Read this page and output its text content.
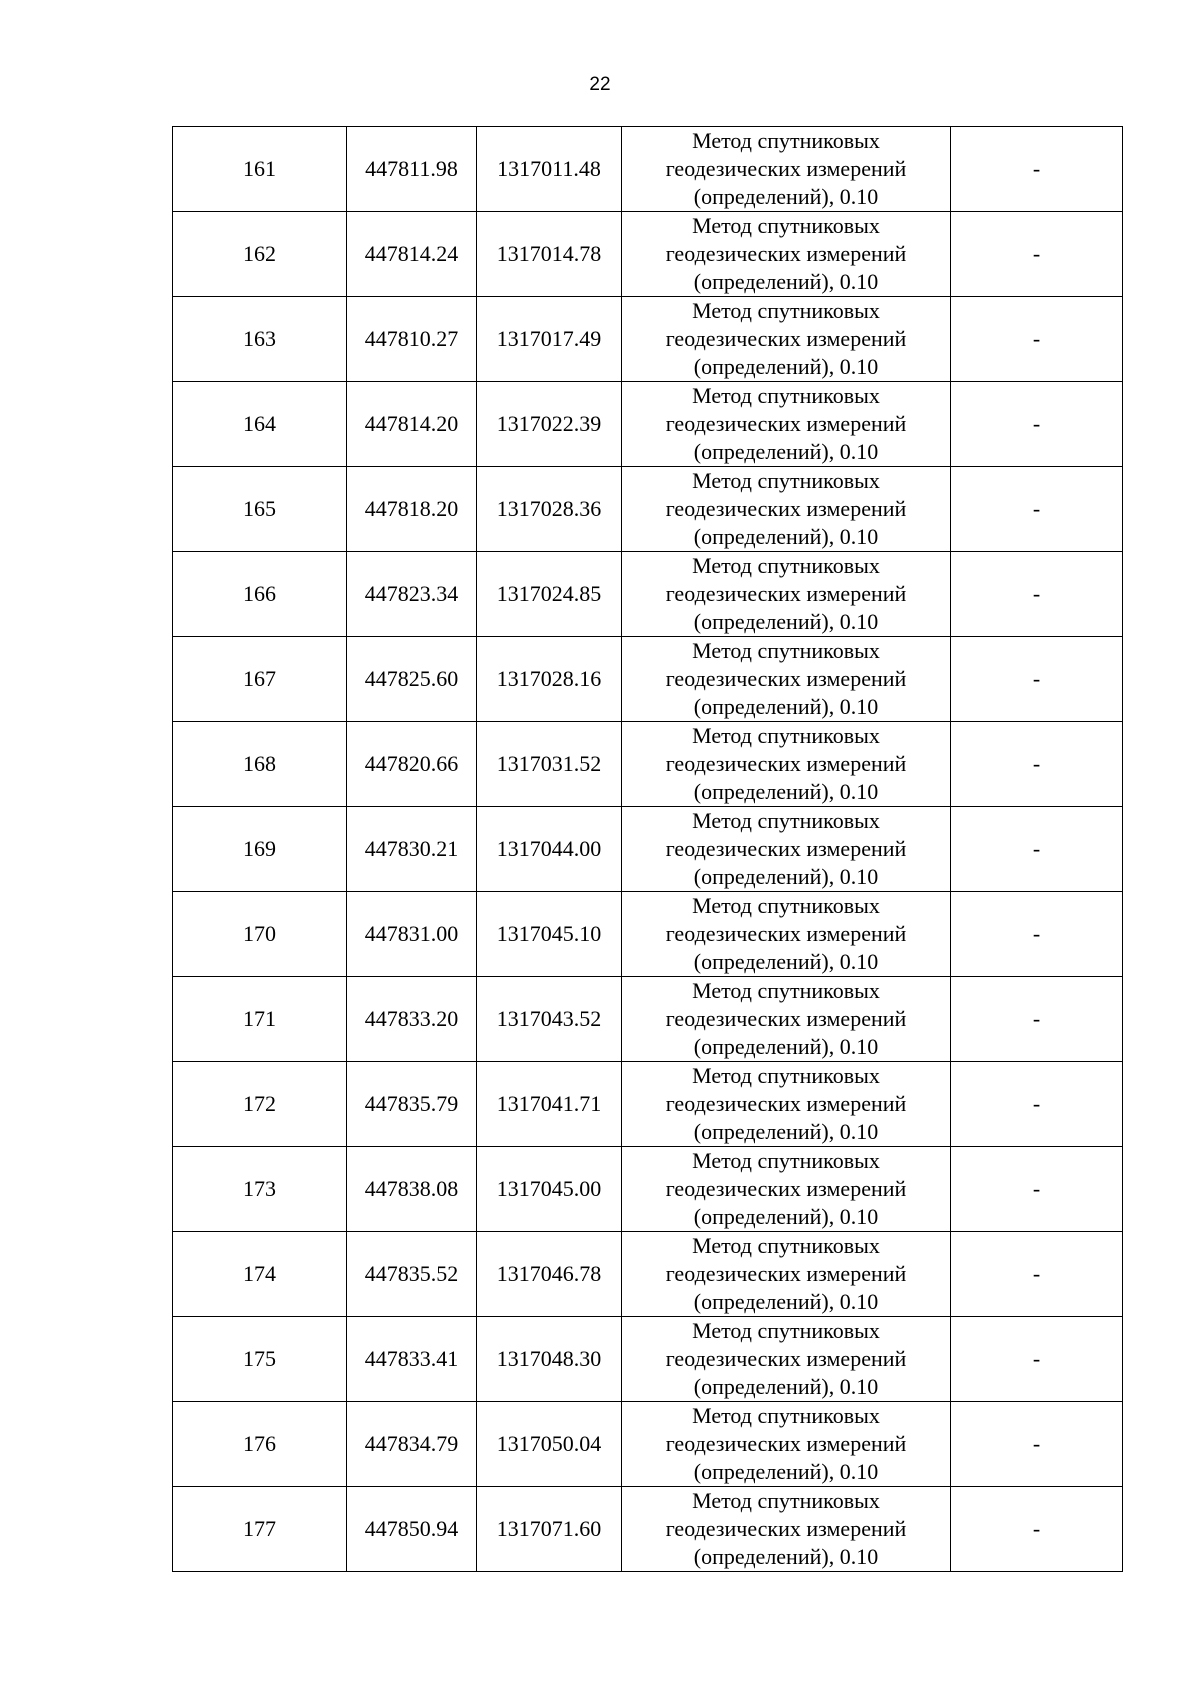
22
161	447811.98	1317011.48	Метод спутниковых
геодезических измерений
(определений), 0.10	-
162	447814.24	1317014.78	Метод спутниковых
геодезических измерений
(определений), 0.10	-
163	447810.27	1317017.49	Метод спутниковых
геодезических измерений
(определений), 0.10	-
164	447814.20	1317022.39	Метод спутниковых
геодезических измерений
(определений), 0.10	-
165	447818.20	1317028.36	Метод спутниковых
геодезических измерений
(определений), 0.10	-
166	447823.34	1317024.85	Метод спутниковых
геодезических измерений
(определений), 0.10	-
167	447825.60	1317028.16	Метод спутниковых
геодезических измерений
(определений), 0.10	-
168	447820.66	1317031.52	Метод спутниковых
геодезических измерений
(определений), 0.10	-
169	447830.21	1317044.00	Метод спутниковых
геодезических измерений
(определений), 0.10	-
170	447831.00	1317045.10	Метод спутниковых
геодезических измерений
(определений), 0.10	-
171	447833.20	1317043.52	Метод спутниковых
геодезических измерений
(определений), 0.10	-
172	447835.79	1317041.71	Метод спутниковых
геодезических измерений
(определений), 0.10	-
173	447838.08	1317045.00	Метод спутниковых
геодезических измерений
(определений), 0.10	-
174	447835.52	1317046.78	Метод спутниковых
геодезических измерений
(определений), 0.10	-
175	447833.41	1317048.30	Метод спутниковых
геодезических измерений
(определений), 0.10	-
176	447834.79	1317050.04	Метод спутниковых
геодезических измерений
(определений), 0.10	-
177	447850.94	1317071.60	Метод спутниковых
геодезических измерений
(определений), 0.10	-
